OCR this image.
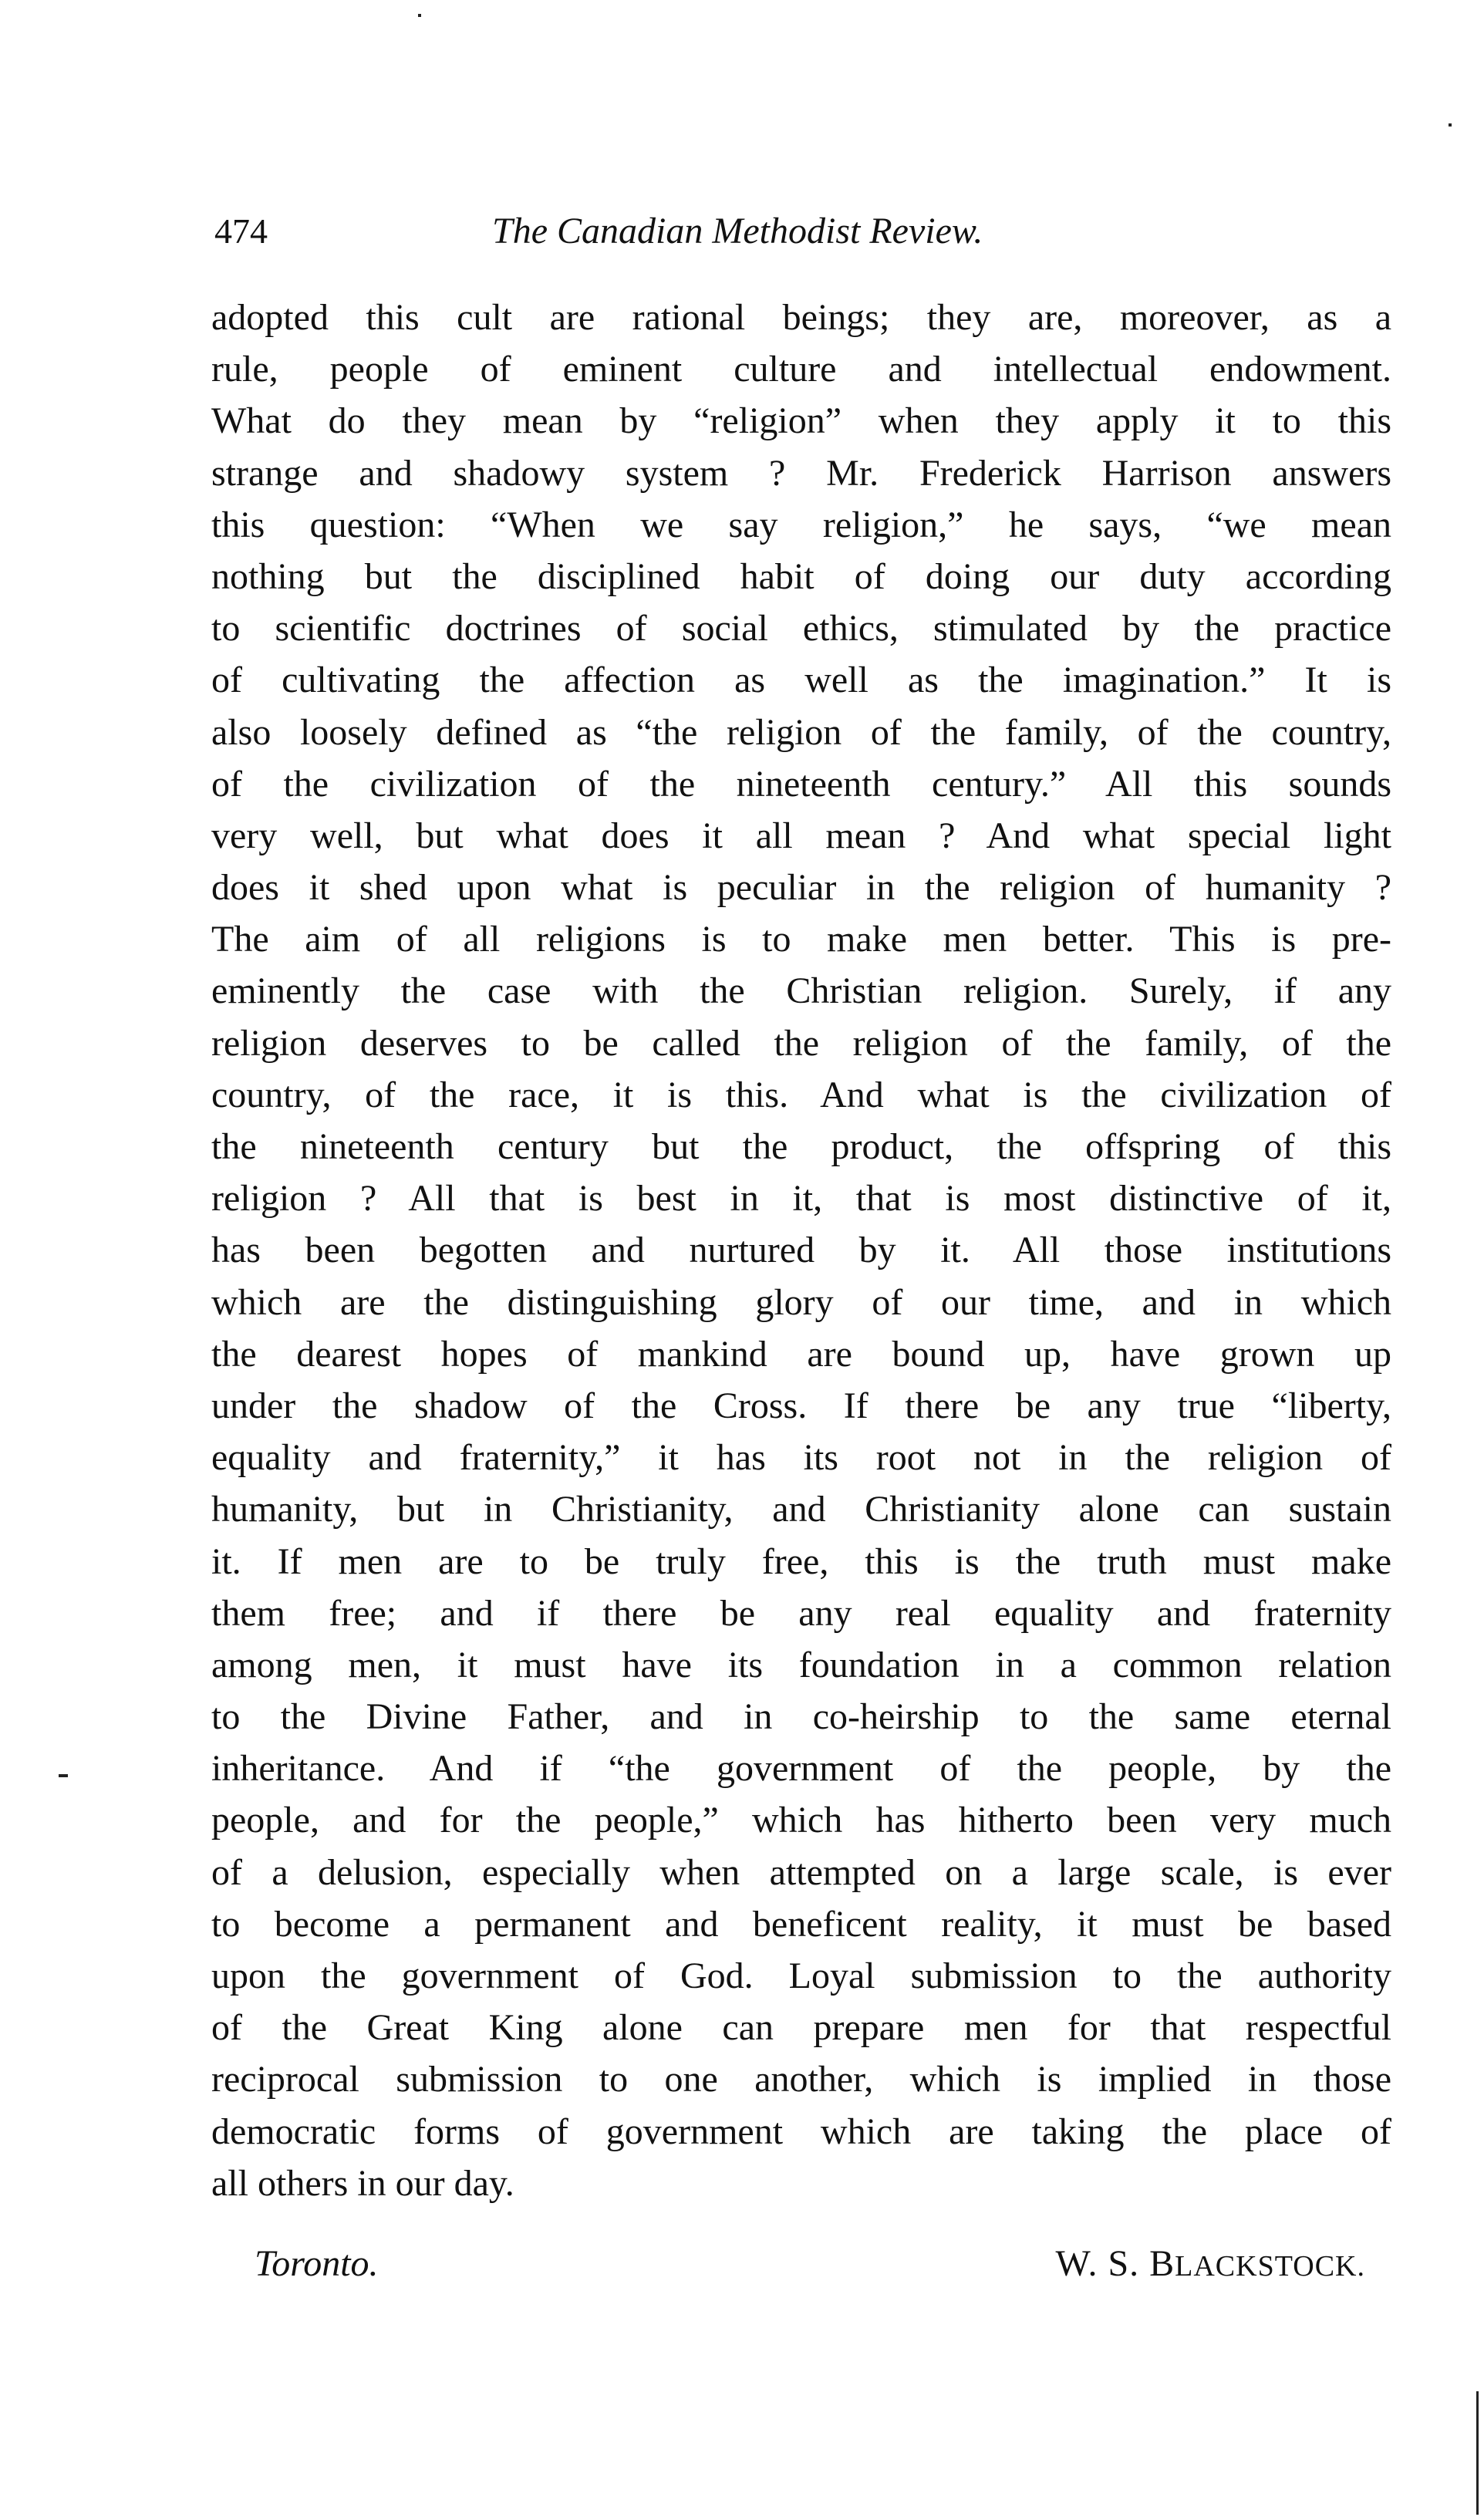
474	The Canadian Methodist Review.
adopted this cult are rational beings; they are, moreover, as a
rule, people of eminent culture and intellectual endowment.
What do they mean by “religion” when they apply it to this
strange and shadowy system ? Mr. Frederick Harrison answers
this question: “When we say religion,” he says, “we mean
nothing but the disciplined habit of doing our duty according
to scientific doctrines of social ethics, stimulated by the practice
of cultivating the affection as well as the imagination.” It is
also loosely defined as “the religion of the family, of the country,
of the civilization of the nineteenth century.” All this sounds
very well, but what does it all mean ? And what special light
does it shed upon what is peculiar in the religion of humanity ?
The aim of all religions is to make men better. This is pre-
eminently the case with the Christian religion. Surely, if any
religion deserves to be called the religion of the family, of the
country, of the race, it is this. And what is the civilization of
the nineteenth century but the product, the offspring of this
religion ? All that is best in it, that is most distinctive of it,
has been begotten and nurtured by it. All those institutions
which are the distinguishing glory of our time, and in which
the dearest hopes of mankind are bound up, have grown up
under the shadow of the Cross. If there be any true “liberty,
equality and fraternity,” it has its root not in the religion of
humanity, but in Christianity, and Christianity alone can sustain
it. If men are to be truly free, this is the truth must make
them free; and if there be any real equality and fraternity
among men, it must have its foundation in a common relation
to the Divine Father, and in co-heirship to the same eternal
inheritance. And if “the government of the people, by the
people, and for the people,” which has hitherto been very much
of a delusion, especially when attempted on a large scale, is ever
to become a permanent and beneficent reality, it must be based
upon the government of God. Loyal submission to the authority
of the Great King alone can prepare men for that respectful
reciprocal submission to one another, which is implied in those
democratic forms of government which are taking the place of
all others in our day.
Toronto.	W. S. BLACKSTOCK.
